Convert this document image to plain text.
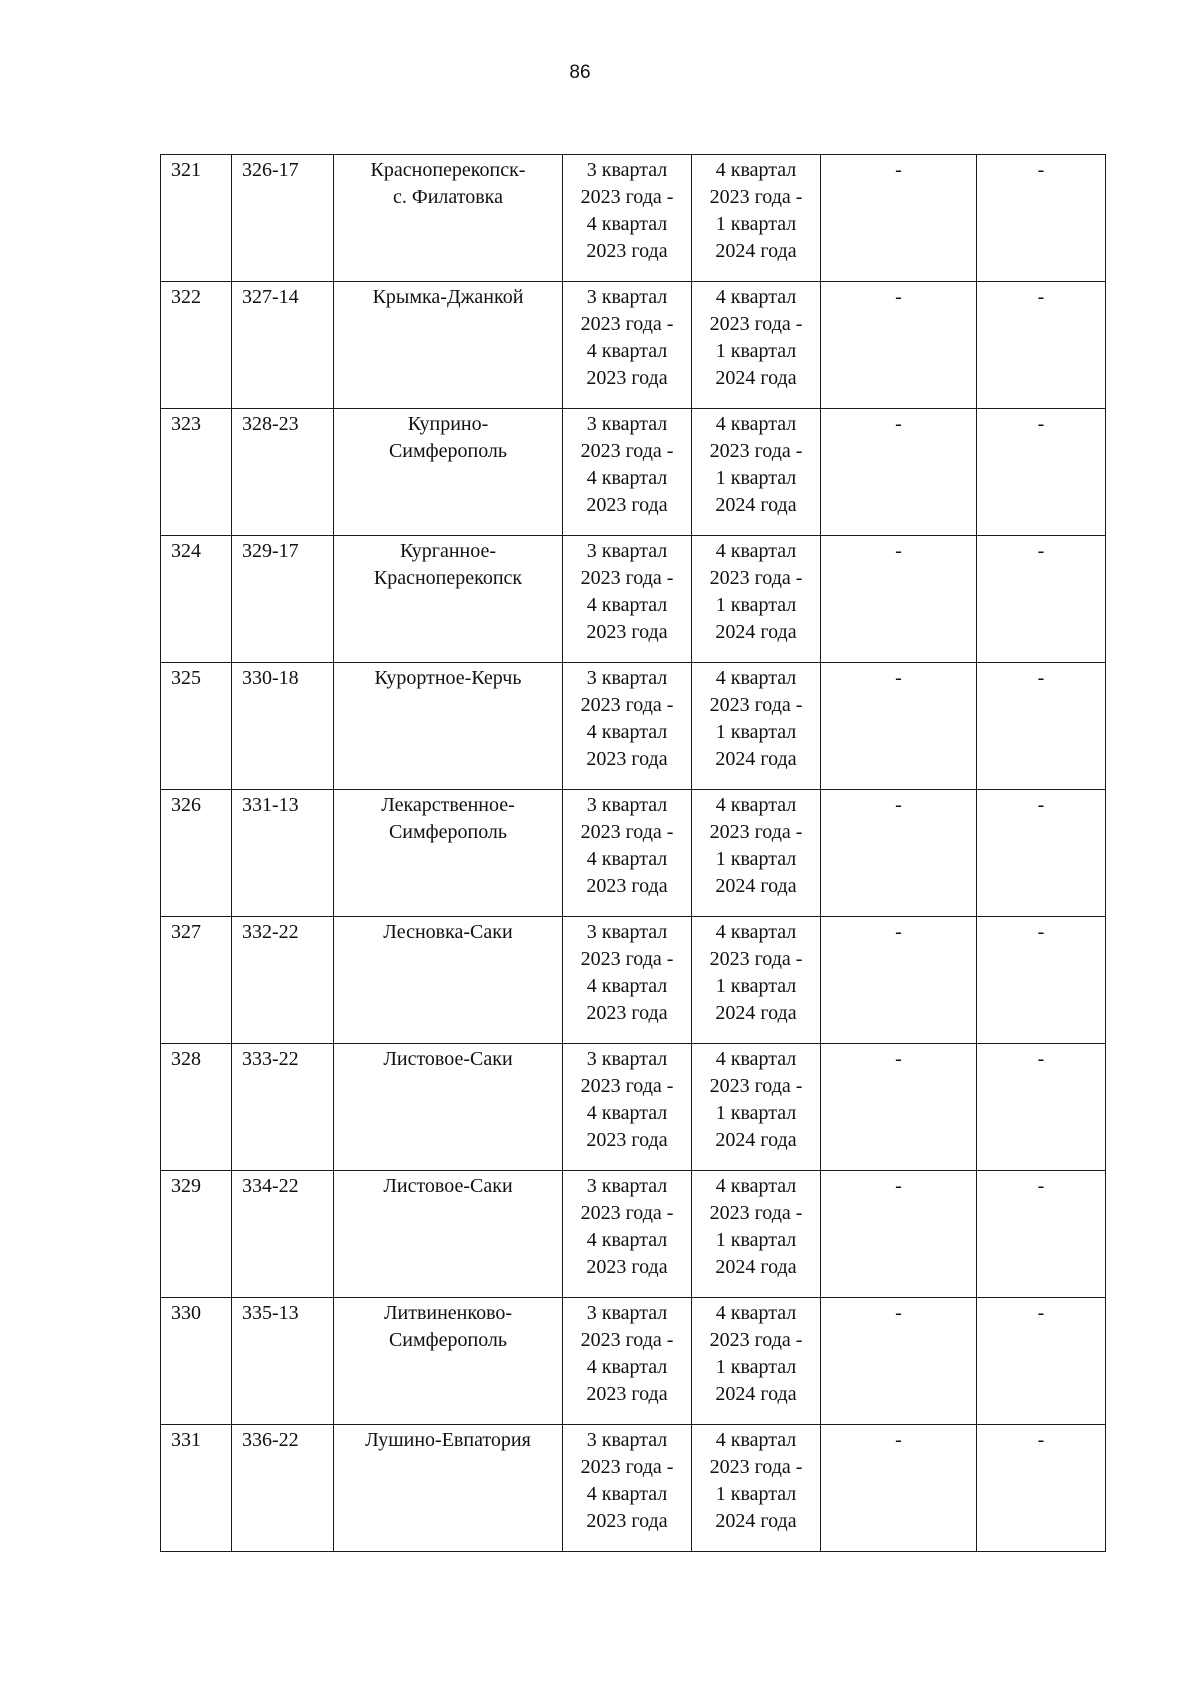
86
321	326-17	Красноперекопск-
с. Филатовка	3 квартал
2023 года -
4 квартал
2023 года	4 квартал
2023 года -
1 квартал
2024 года	-	-

322	327-14	Крымка-Джанкой	3 квартал
2023 года -
4 квартал
2023 года	4 квартал
2023 года -
1 квартал
2024 года	-	-

323	328-23	Куприно-
Симферополь	3 квартал
2023 года -
4 квартал
2023 года	4 квартал
2023 года -
1 квартал
2024 года	-	-

324	329-17	Курганное-
Красноперекопск	3 квартал
2023 года -
4 квартал
2023 года	4 квартал
2023 года -
1 квартал
2024 года	-	-

325	330-18	Курортное-Керчь	3 квартал
2023 года -
4 квартал
2023 года	4 квартал
2023 года -
1 квартал
2024 года	-	-

326	331-13	Лекарственное-
Симферополь	3 квартал
2023 года -
4 квартал
2023 года	4 квартал
2023 года -
1 квартал
2024 года	-	-

327	332-22	Лесновка-Саки	3 квартал
2023 года -
4 квартал
2023 года	4 квартал
2023 года -
1 квартал
2024 года	-	-

328	333-22	Листовое-Саки	3 квартал
2023 года -
4 квартал
2023 года	4 квартал
2023 года -
1 квартал
2024 года	-	-

329	334-22	Листовое-Саки	3 квартал
2023 года -
4 квартал
2023 года	4 квартал
2023 года -
1 квартал
2024 года	-	-

330	335-13	Литвиненково-
Симферополь	3 квартал
2023 года -
4 квартал
2023 года	4 квартал
2023 года -
1 квартал
2024 года	-	-

331	336-22	Лушино-Евпатория	3 квартал
2023 года -
4 квартал
2023 года	4 квартал
2023 года -
1 квартал
2024 года	-	-
